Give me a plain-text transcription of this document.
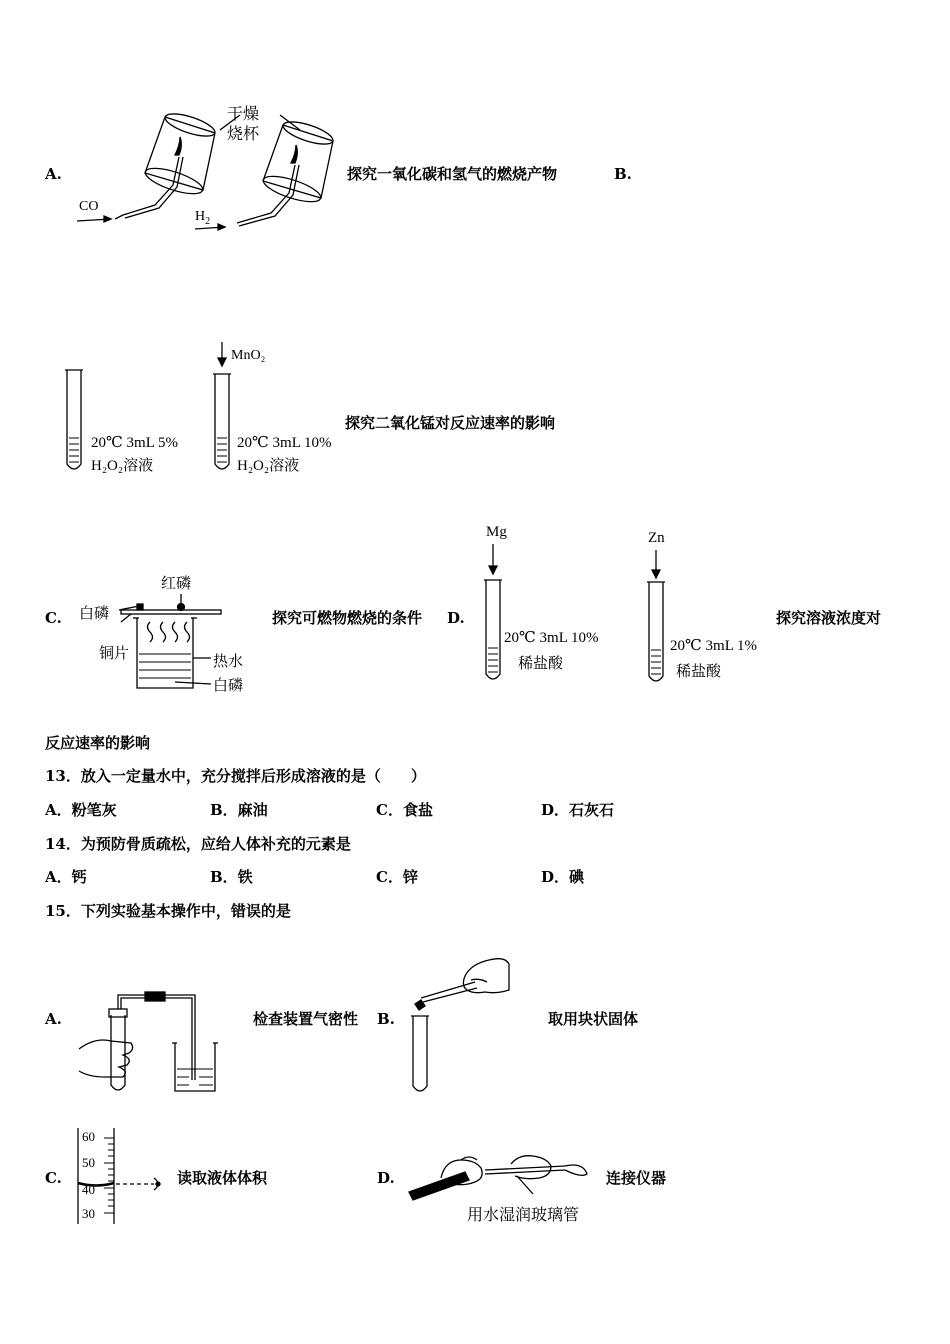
A.
干燥
烧杯
CO
$H_2$
探究一氧化碳和氢气的燃烧产物	B.
20℃ 3mL 5%
H₂O₂溶液
MnO₂
20℃ 3mL 10%
H₂O₂溶液
探究二氧化锰对反应速率的影响
C.
红磷
白磷
铜片	热水
白磷
探究可燃物燃烧的条件 D.
Mg
20℃ 3mL 10%
稀盐酸
Zn
20℃ 3mL 1%
稀盐酸
探究溶液浓度对
反应速率的影响
13．放入一定量水中，充分搅拌后形成溶液的是（　　）
A．粉笔灰	B．麻油	C．食盐	D．石灰石
14．为预防骨质疏松，应给人体补充的元素是
A．钙	B．铁	C．锌	D．碘
15．下列实验基本操作中，错误的是
A.	检查装置气密性 B.	取用块状固体
C.
60
50
40
30
读取液体体积	D.
用水湿润玻璃管
连接仪器
